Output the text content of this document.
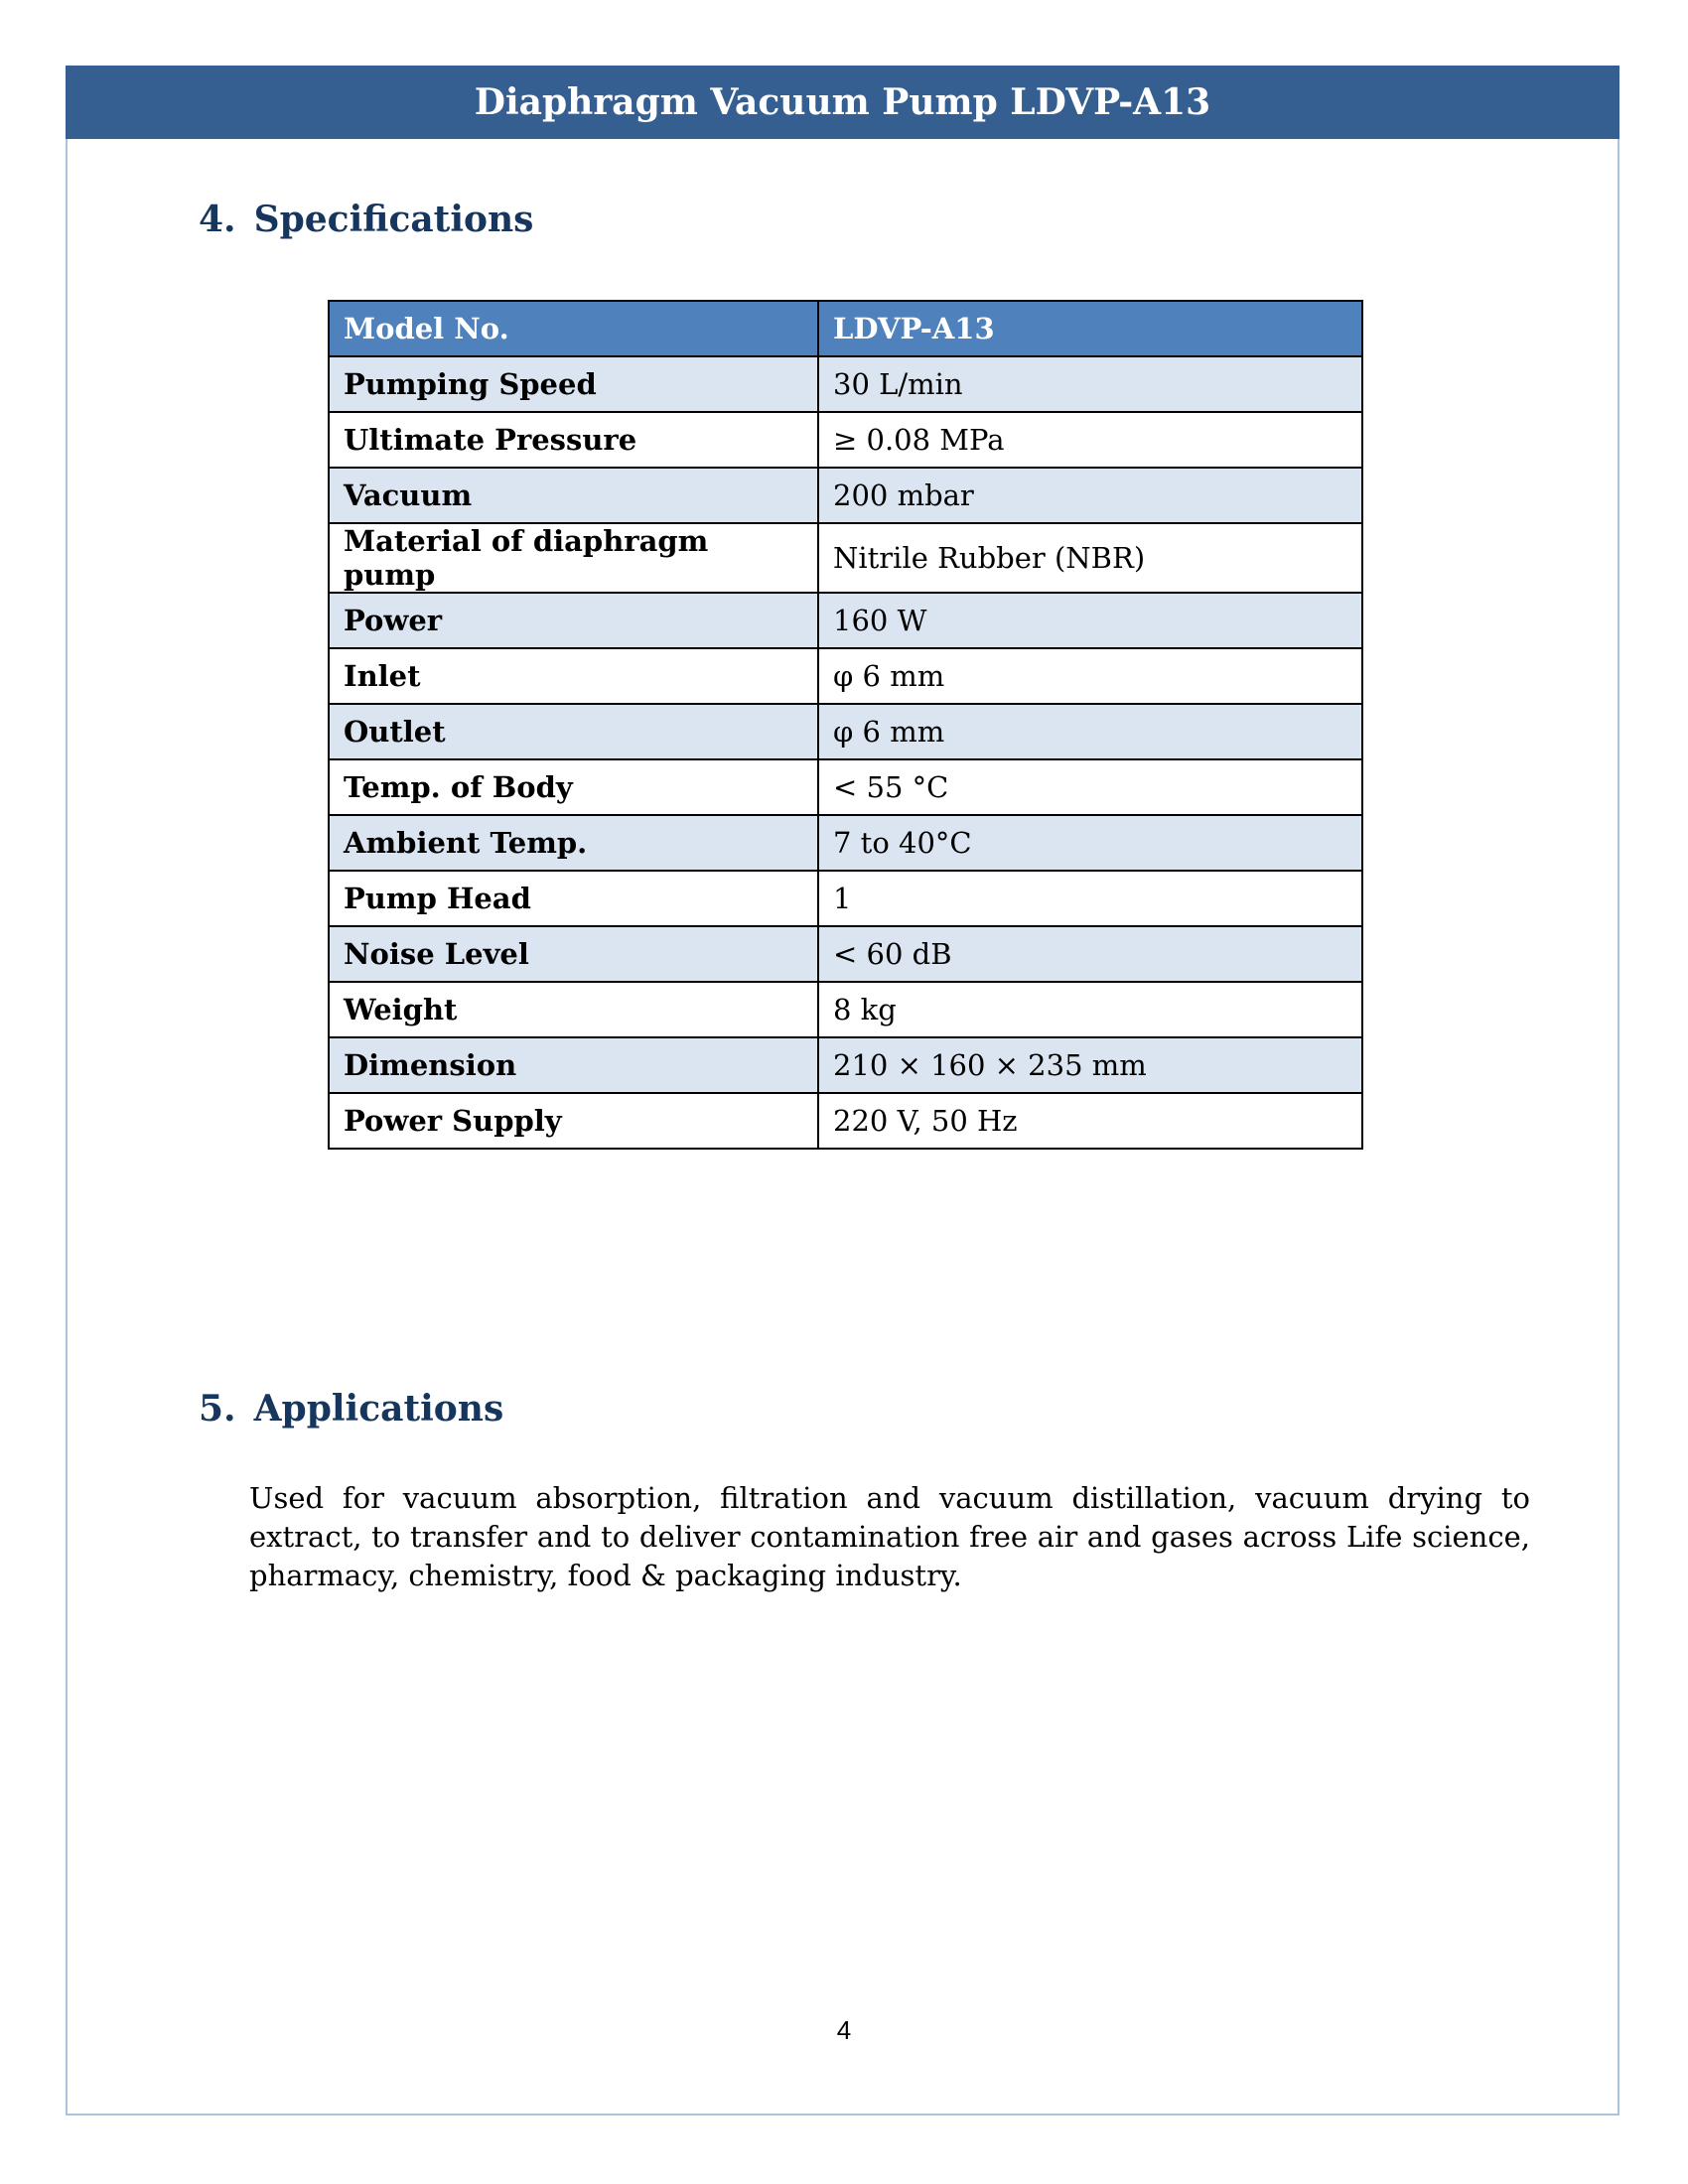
Diaphragm Vacuum Pump LDVP-A13
4. Specifications
Model No.	LDVP-A13
Pumping Speed	30 L/min
Ultimate Pressure	≥ 0.08 MPa
Vacuum	200 mbar
Material of diaphragm pump	Nitrile Rubber (NBR)
Power	160 W
Inlet	φ 6 mm
Outlet	φ 6 mm
Temp. of Body	< 55 °C
Ambient Temp.	7 to 40°C
Pump Head	1
Noise Level	< 60 dB
Weight	8 kg
Dimension	210 × 160 × 235 mm
Power Supply	220 V, 50 Hz
5. Applications

Used for vacuum absorption, filtration and vacuum distillation, vacuum drying to extract, to transfer and to deliver contamination free air and gases across Life science, pharmacy, chemistry, food & packaging industry.

4
